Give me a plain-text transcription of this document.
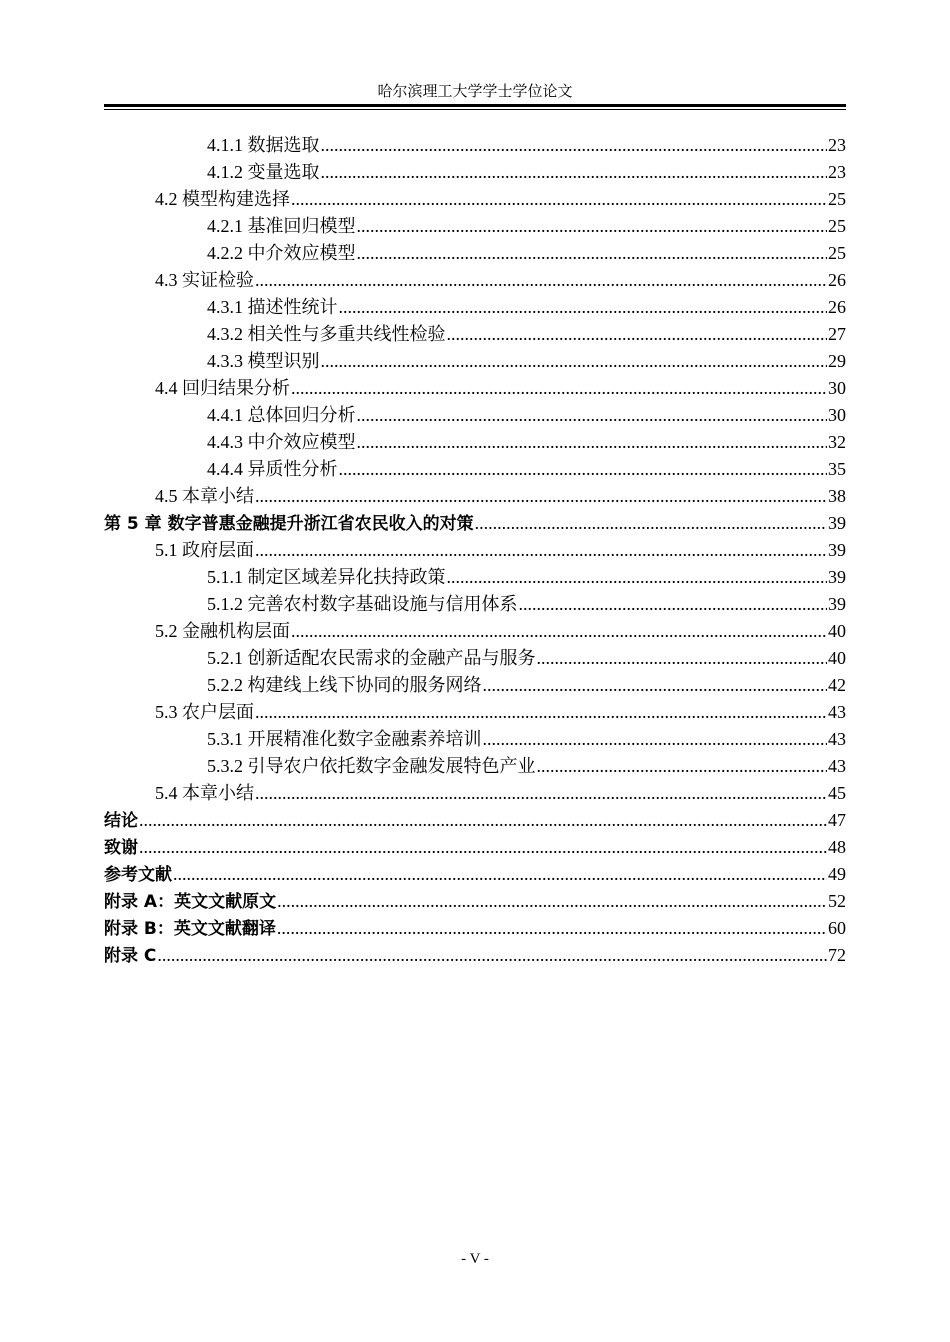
哈尔滨理工大学学士学位论文
4.1.1 数据选取 .....	23
4.1.2 变量选取 .....	23
4.2 模型构建选择 .....	25
4.2.1 基准回归模型 .....	25
4.2.2 中介效应模型 .....	25
4.3 实证检验 .....	26
4.3.1 描述性统计 .....	26
4.3.2 相关性与多重共线性检验 .....	27
4.3.3 模型识别 .....	29
4.4 回归结果分析 .....	30
4.4.1 总体回归分析 .....	30
4.4.3 中介效应模型 .....	32
4.4.4 异质性分析 .....	35
4.5 本章小结 .....	38
第 5 章 数字普惠金融提升浙江省农民收入的对策 .....	39
5.1 政府层面 .....	39
5.1.1 制定区域差异化扶持政策 .....	39
5.1.2 完善农村数字基础设施与信用体系 .....	39
5.2 金融机构层面 .....	40
5.2.1 创新适配农民需求的金融产品与服务 .....	40
5.2.2 构建线上线下协同的服务网络 .....	42
5.3 农户层面 .....	43
5.3.1 开展精准化数字金融素养培训 .....	43
5.3.2 引导农户依托数字金融发展特色产业 .....	43
5.4 本章小结 .....	45
结论 .....	47
致谢 .....	48
参考文献 .....	49
附录 A：英文文献原文 .....	52
附录 B：英文文献翻译 .....	60
附录 C .....	72
- V -
